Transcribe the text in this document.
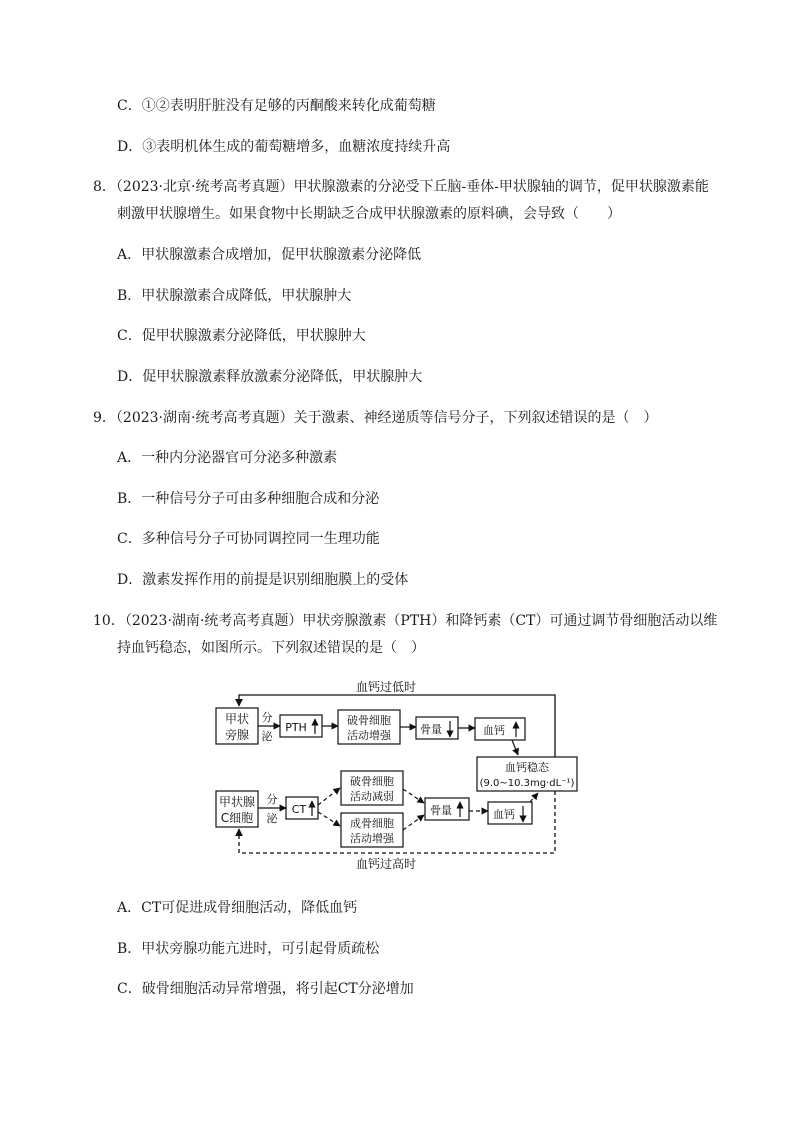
C．①②表明肝脏没有足够的丙酮酸来转化成葡萄糖
D．③表明机体生成的葡萄糖增多，血糖浓度持续升高
8．（2023·北京·统考高考真题）甲状腺激素的分泌受下丘脑-垂体-甲状腺轴的调节，促甲状腺激素能
刺激甲状腺增生。如果食物中长期缺乏合成甲状腺激素的原料碘，会导致（　　）
A．甲状腺激素合成增加，促甲状腺激素分泌降低
B．甲状腺激素合成降低，甲状腺肿大
C．促甲状腺激素分泌降低，甲状腺肿大
D．促甲状腺激素释放激素分泌降低，甲状腺肿大
9．（2023·湖南·统考高考真题）关于激素、神经递质等信号分子，下列叙述错误的是（　）
A．一种内分泌器官可分泌多种激素
B．一种信号分子可由多种细胞合成和分泌
C．多种信号分子可协同调控同一生理功能
D．激素发挥作用的前提是识别细胞膜上的受体
10．（2023·湖南·统考高考真题）甲状旁腺激素（PTH）和降钙素（CT）可通过调节骨细胞活动以维
持血钙稳态，如图所示。下列叙述错误的是（　）
血钙过低时
甲状
旁腺
分
泌
PTH
破骨细胞
活动增强	骨量	血钙
血钙稳态
(9.0~10.3mg·dL⁻¹)
甲状腺
C细胞
分
泌
CT
破骨细胞
活动减弱
成骨细胞
活动增强
骨量	血钙
血钙过高时
A．CT可促进成骨细胞活动，降低血钙
B．甲状旁腺功能亢进时，可引起骨质疏松
C．破骨细胞活动异常增强，将引起CT分泌增加
